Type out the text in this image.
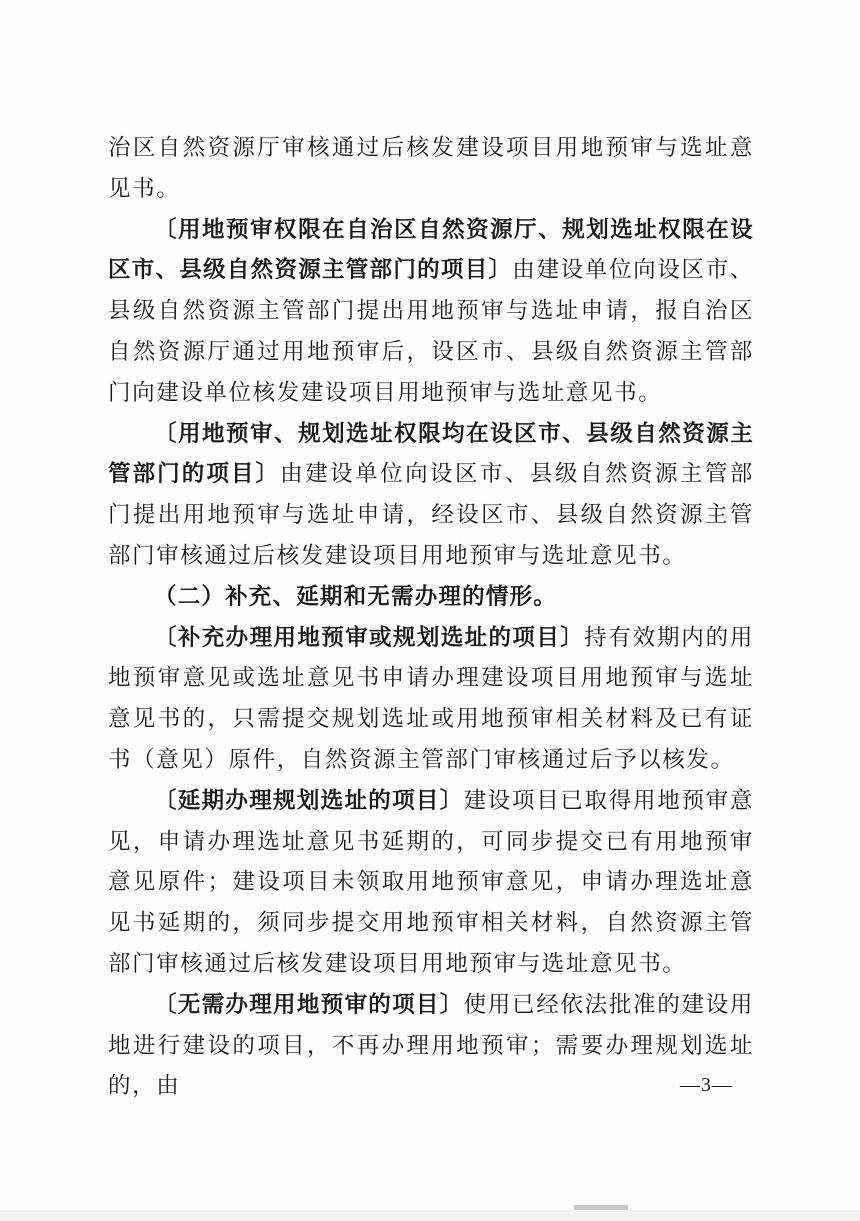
治区自然资源厅审核通过后核发建设项目用地预审与选址意见书。

〔用地预审权限在自治区自然资源厅、规划选址权限在设区市、县级自然资源主管部门的项目〕由建设单位向设区市、县级自然资源主管部门提出用地预审与选址申请，报自治区自然资源厅通过用地预审后，设区市、县级自然资源主管部门向建设单位核发建设项目用地预审与选址意见书。

〔用地预审、规划选址权限均在设区市、县级自然资源主管部门的项目〕由建设单位向设区市、县级自然资源主管部门提出用地预审与选址申请，经设区市、县级自然资源主管部门审核通过后核发建设项目用地预审与选址意见书。

（二）补充、延期和无需办理的情形。

〔补充办理用地预审或规划选址的项目〕持有效期内的用地预审意见或选址意见书申请办理建设项目用地预审与选址意见书的，只需提交规划选址或用地预审相关材料及已有证书（意见）原件，自然资源主管部门审核通过后予以核发。

〔延期办理规划选址的项目〕建设项目已取得用地预审意见，申请办理选址意见书延期的，可同步提交已有用地预审意见原件；建设项目未领取用地预审意见，申请办理选址意见书延期的，须同步提交用地预审相关材料，自然资源主管部门审核通过后核发建设项目用地预审与选址意见书。

〔无需办理用地预审的项目〕使用已经依法批准的建设用地进行建设的项目，不再办理用地预审；需要办理规划选址的，由	—3—
